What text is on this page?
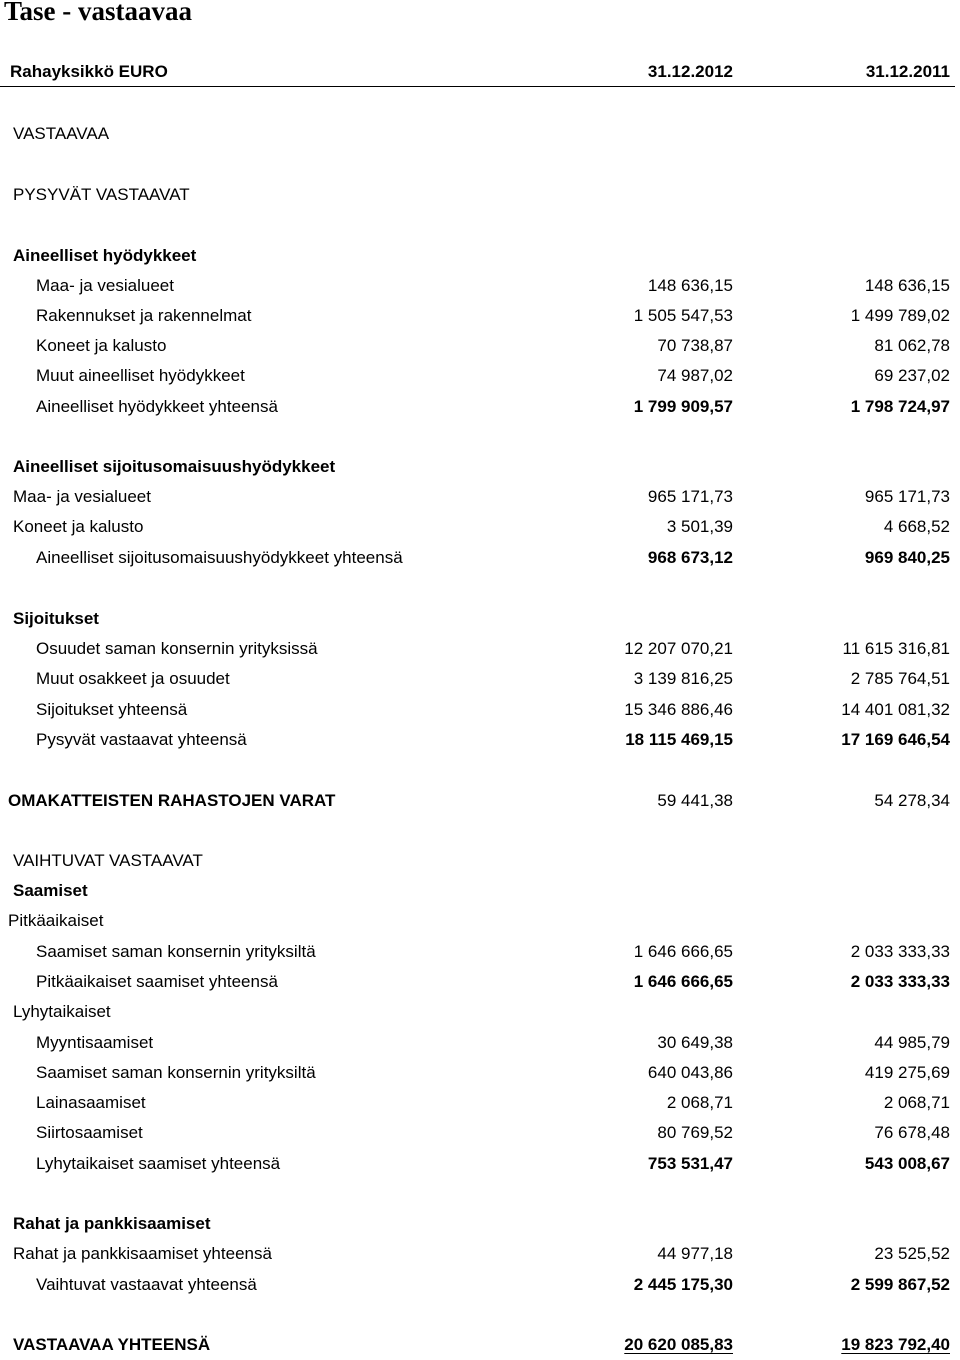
Tase - vastaavaa
Rahayksikkö EURO	31.12.2012	31.12.2011
VASTAAVAA
PYSYVÄT VASTAAVAT
Aineelliset hyödykkeet
Maa- ja vesialueet	148 636,15	148 636,15
Rakennukset ja rakennelmat	1 505 547,53	1 499 789,02
Koneet ja kalusto	70 738,87	81 062,78
Muut aineelliset hyödykkeet	74 987,02	69 237,02
Aineelliset hyödykkeet yhteensä	1 799 909,57	1 798 724,97
Aineelliset sijoitusomaisuushyödykkeet
Maa- ja vesialueet	965 171,73	965 171,73
Koneet ja kalusto	3 501,39	4 668,52
Aineelliset sijoitusomaisuushyödykkeet yhteensä	968 673,12	969 840,25
Sijoitukset
Osuudet saman konsernin yrityksissä	12 207 070,21	11 615 316,81
Muut osakkeet ja osuudet	3 139 816,25	2 785 764,51
Sijoitukset yhteensä	15 346 886,46	14 401 081,32
Pysyvät vastaavat yhteensä	18 115 469,15	17 169 646,54
OMAKATTEISTEN RAHASTOJEN VARAT	59 441,38	54 278,34
VAIHTUVAT VASTAAVAT
Saamiset
Pitkäaikaiset
Saamiset saman konsernin yrityksiltä	1 646 666,65	2 033 333,33
Pitkäaikaiset saamiset yhteensä	1 646 666,65	2 033 333,33
Lyhytaikaiset
Myyntisaamiset	30 649,38	44 985,79
Saamiset saman konsernin yrityksiltä	640 043,86	419 275,69
Lainasaamiset	2 068,71	2 068,71
Siirtosaamiset	80 769,52	76 678,48
Lyhytaikaiset saamiset yhteensä	753 531,47	543 008,67
Rahat ja pankkisaamiset
Rahat ja pankkisaamiset yhteensä	44 977,18	23 525,52
Vaihtuvat vastaavat yhteensä	2 445 175,30	2 599 867,52
VASTAAVAA YHTEENSÄ	20 620 085,83	19 823 792,40
